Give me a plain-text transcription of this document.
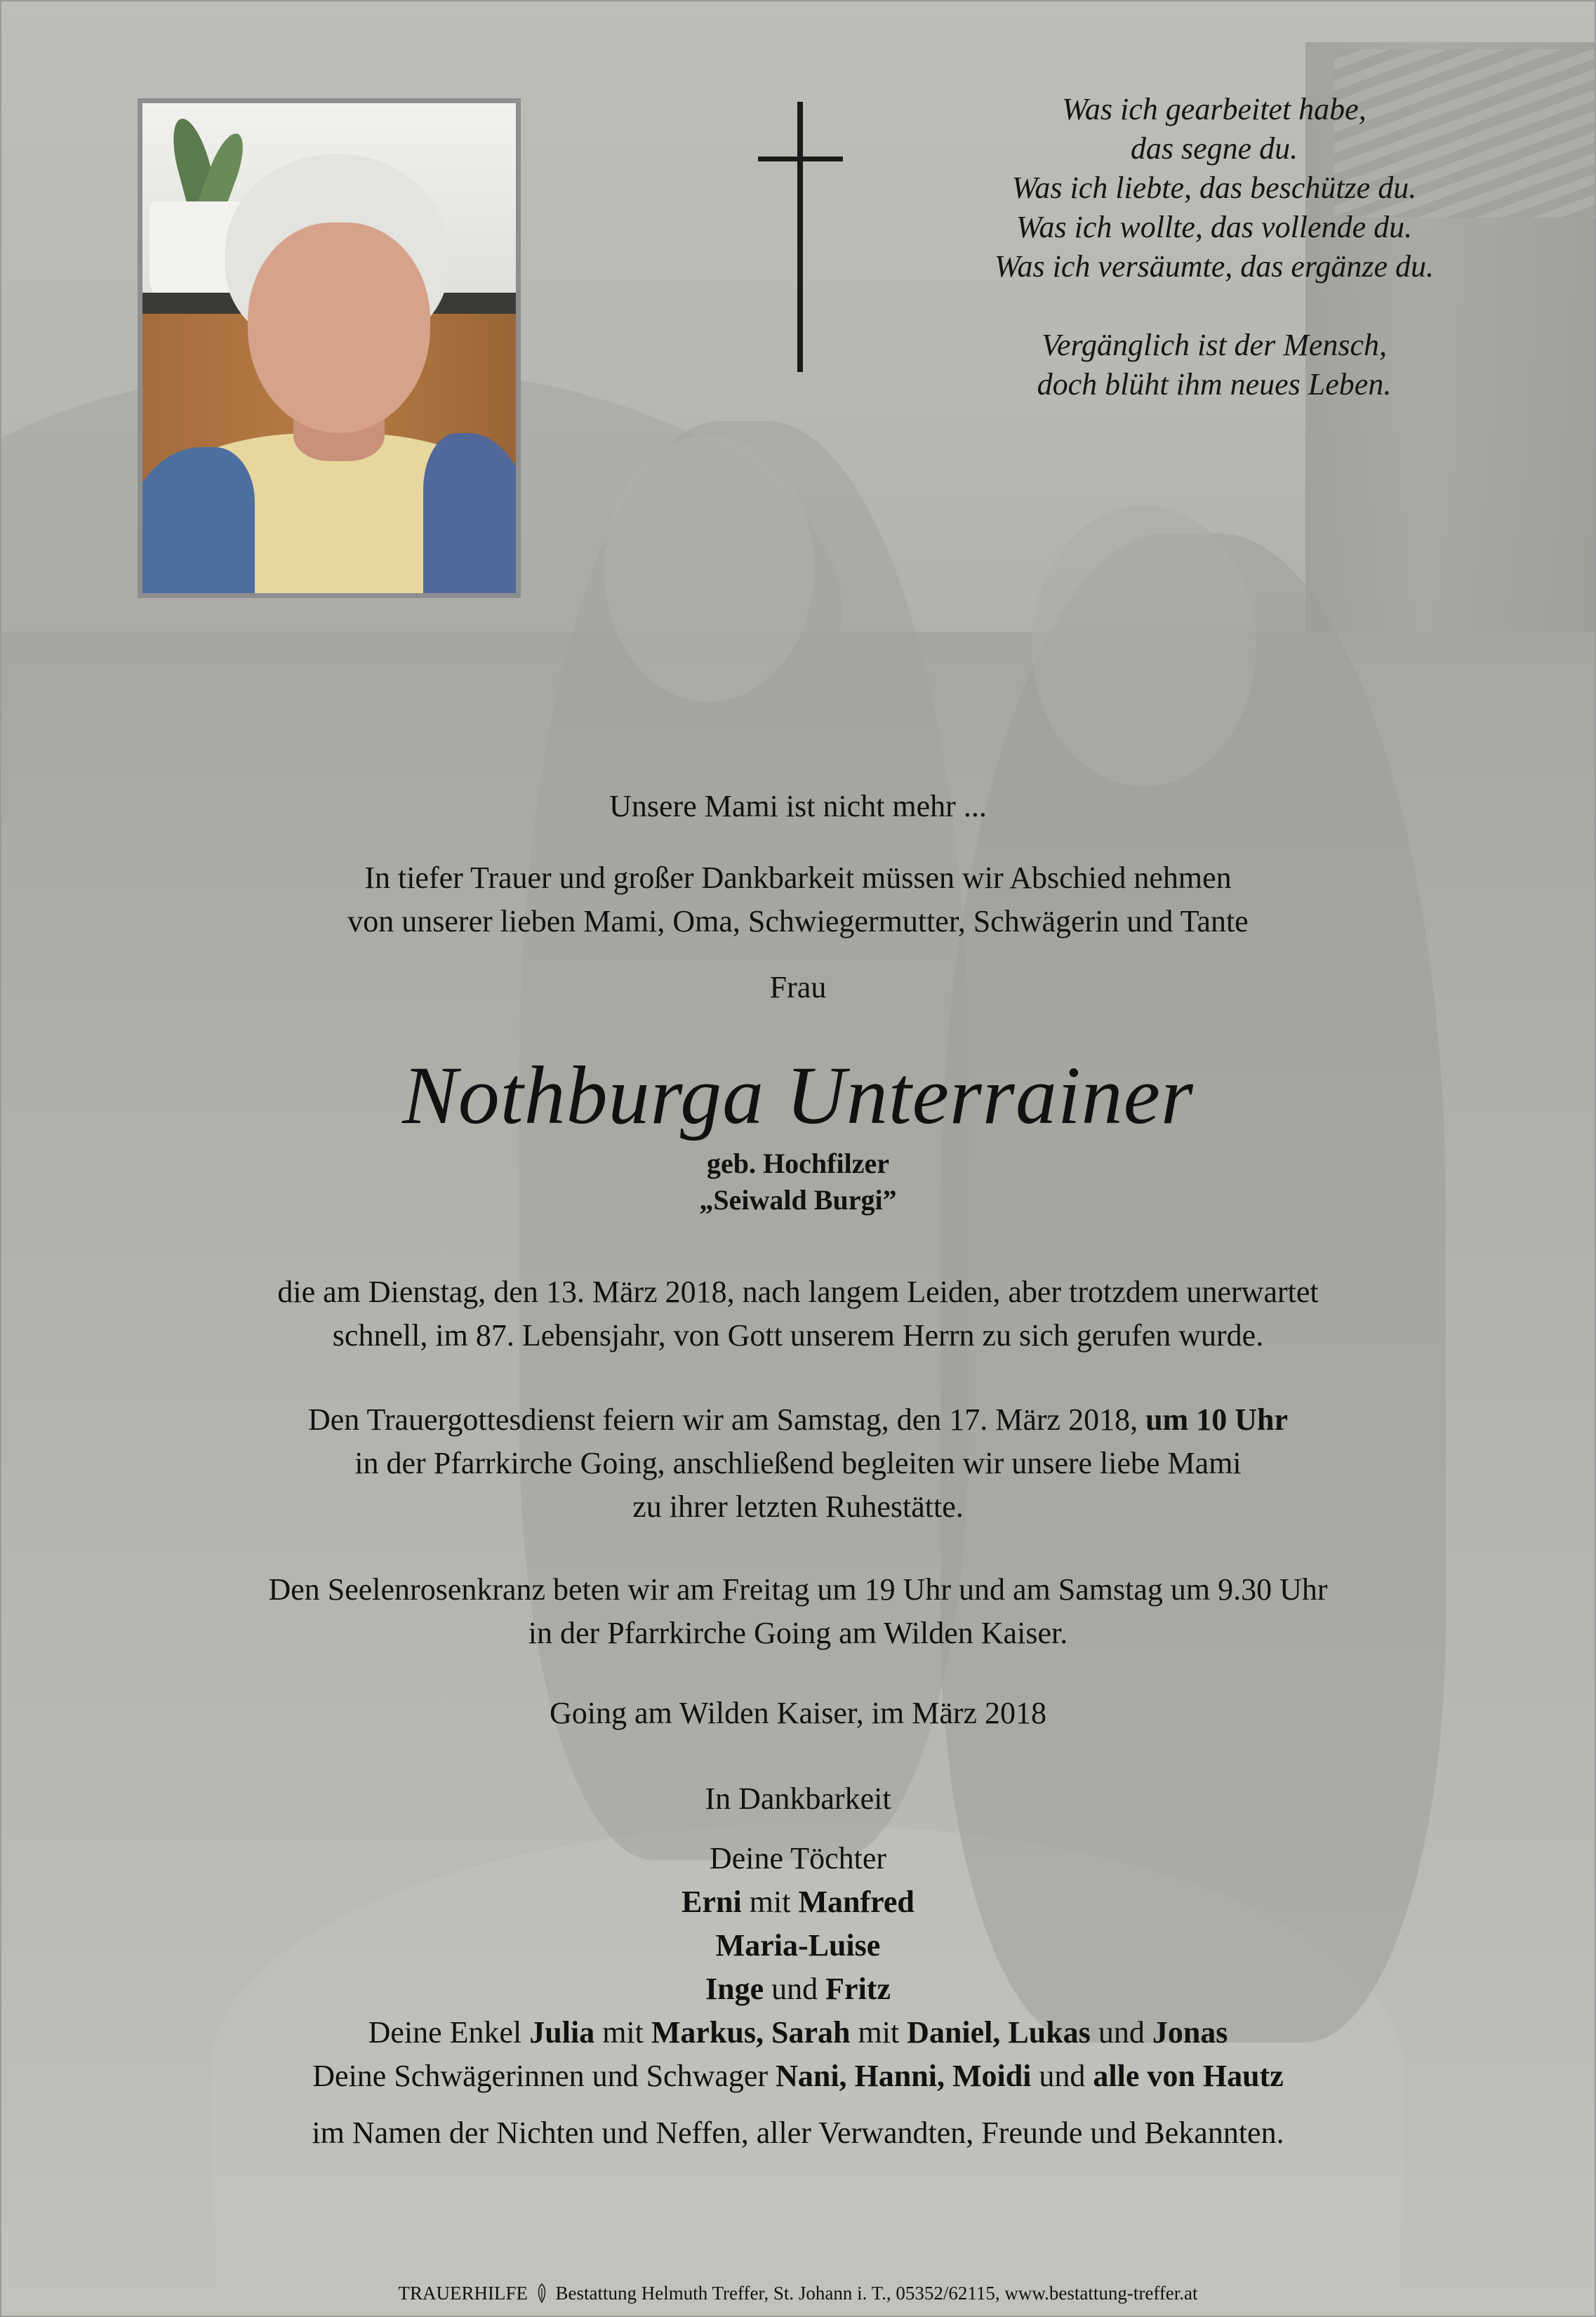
Was ich gearbeitet habe,
das segne du.
Was ich liebte, das beschütze du.
Was ich wollte, das vollende du.
Was ich versäumte, das ergänze du.
Vergänglich ist der Mensch,
doch blüht ihm neues Leben.
Unsere Mami ist nicht mehr ...
In tiefer Trauer und großer Dankbarkeit müssen wir Abschied nehmen
von unserer lieben Mami, Oma, Schwiegermutter, Schwägerin und Tante
Frau
Nothburga Unterrainer
geb. Hochfilzer
„Seiwald Burgi”
die am Dienstag, den 13. März 2018, nach langem Leiden, aber trotzdem unerwartet
schnell, im 87. Lebensjahr, von Gott unserem Herrn zu sich gerufen wurde.
Den Trauergottesdienst feiern wir am Samstag, den 17. März 2018, um 10 Uhr
in der Pfarrkirche Going, anschließend begleiten wir unsere liebe Mami
zu ihrer letzten Ruhestätte.
Den Seelenrosenkranz beten wir am Freitag um 19 Uhr und am Samstag um 9.30 Uhr
in der Pfarrkirche Going am Wilden Kaiser.
Going am Wilden Kaiser, im März 2018
In Dankbarkeit
Deine Töchter
Erni mit Manfred
Maria-Luise
Inge und Fritz
Deine Enkel Julia mit Markus, Sarah mit Daniel, Lukas und Jonas
Deine Schwägerinnen und Schwager Nani, Hanni, Moidi und alle von Hautz
im Namen der Nichten und Neffen, aller Verwandten, Freunde und Bekannten.
TRAUERHILFE Bestattung Helmuth Treffer, St. Johann i. T., 05352/62115, www.bestattung-treffer.at
